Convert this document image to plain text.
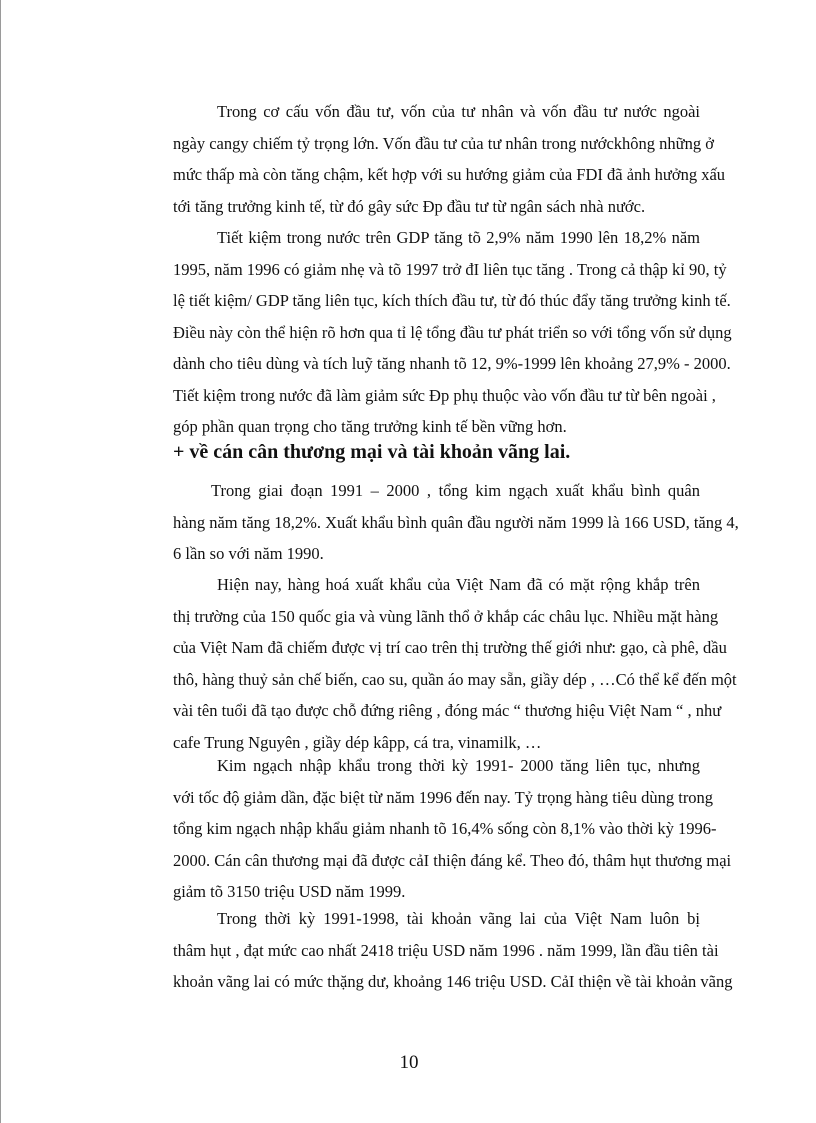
Trong cơ cấu vốn đầu tư, vốn của tư nhân và vốn đầu tư nước ngoài
ngày cangy chiếm tỷ trọng lớn. Vốn đầu tư của tư nhân trong nướckhông những ở
mức thấp mà còn tăng chậm, kết hợp với su hướng giảm của FDI đã ảnh hưởng xấu
tới tăng trưởng kinh tế, từ đó gây sức Ðp đầu tư từ ngân sách nhà nước.
Tiết kiệm trong nước trên GDP tăng tõ 2,9% năm 1990 lên 18,2% năm
1995, năm 1996 có giảm nhẹ và tõ 1997 trở đI liên tục tăng . Trong cả thập kỉ 90, tỷ
lệ tiết kiệm/ GDP tăng liên tục, kích thích đầu tư, từ đó thúc đẩy tăng trưởng kinh tế.
Điều này còn thể hiện rõ hơn qua tỉ lệ tổng đầu tư phát triển so với tổng vốn sử dụng
dành cho tiêu dùng và tích luỹ tăng nhanh tõ 12, 9%-1999 lên khoảng 27,9% - 2000.
Tiết kiệm trong nước đã làm giảm sức Ðp phụ thuộc vào vốn đầu tư từ bên ngoài ,
góp phần quan trọng cho tăng trưởng kinh tế bền vững hơn.
+ về cán cân thương mại và tài khoản vãng lai.
Trong giai đoạn 1991 – 2000 , tổng kim ngạch xuất khẩu bình quân
hàng năm tăng 18,2%. Xuất khẩu bình quân đầu người năm 1999 là 166 USD, tăng 4,
6 lần so với năm 1990.
Hiện nay, hàng hoá xuất khẩu của Việt Nam đã có mặt rộng khắp trên
thị trường của 150 quốc gia và vùng lãnh thổ ở khắp các châu lục. Nhiều mặt hàng
của Việt Nam đã chiếm được vị trí cao trên thị trường thế giới như: gạo, cà phê, dầu
thô, hàng thuỷ sản chế biến, cao su, quần áo may sẵn, giầy dép , …Có thể kể đến một
vài tên tuổi đã tạo được chỗ đứng riêng , đóng mác “ thương hiệu Việt Nam “ , như
cafe Trung Nguyên , giầy dép kâpp, cá tra, vinamilk, …
Kim ngạch nhập khẩu trong thời kỳ 1991- 2000 tăng liên tục, nhưng
với tốc độ giảm dần, đặc biệt từ năm 1996 đến nay. Tỷ trọng hàng tiêu dùng trong
tổng kim ngạch nhập khẩu giảm nhanh tõ 16,4% sống còn 8,1% vào thời kỳ 1996-
2000. Cán cân thương mại đã được cảI thiện đáng kể. Theo đó, thâm hụt thương mại
giảm tõ 3150 triệu USD năm 1999.
Trong thời kỳ 1991-1998, tài khoản vãng lai của Việt Nam luôn bị
thâm hụt , đạt mức cao nhất 2418 triệu USD năm 1996 . năm 1999, lần đầu tiên tài
khoản vãng lai có mức thặng dư, khoảng 146 triệu USD. CảI thiện về tài khoản vãng
10
